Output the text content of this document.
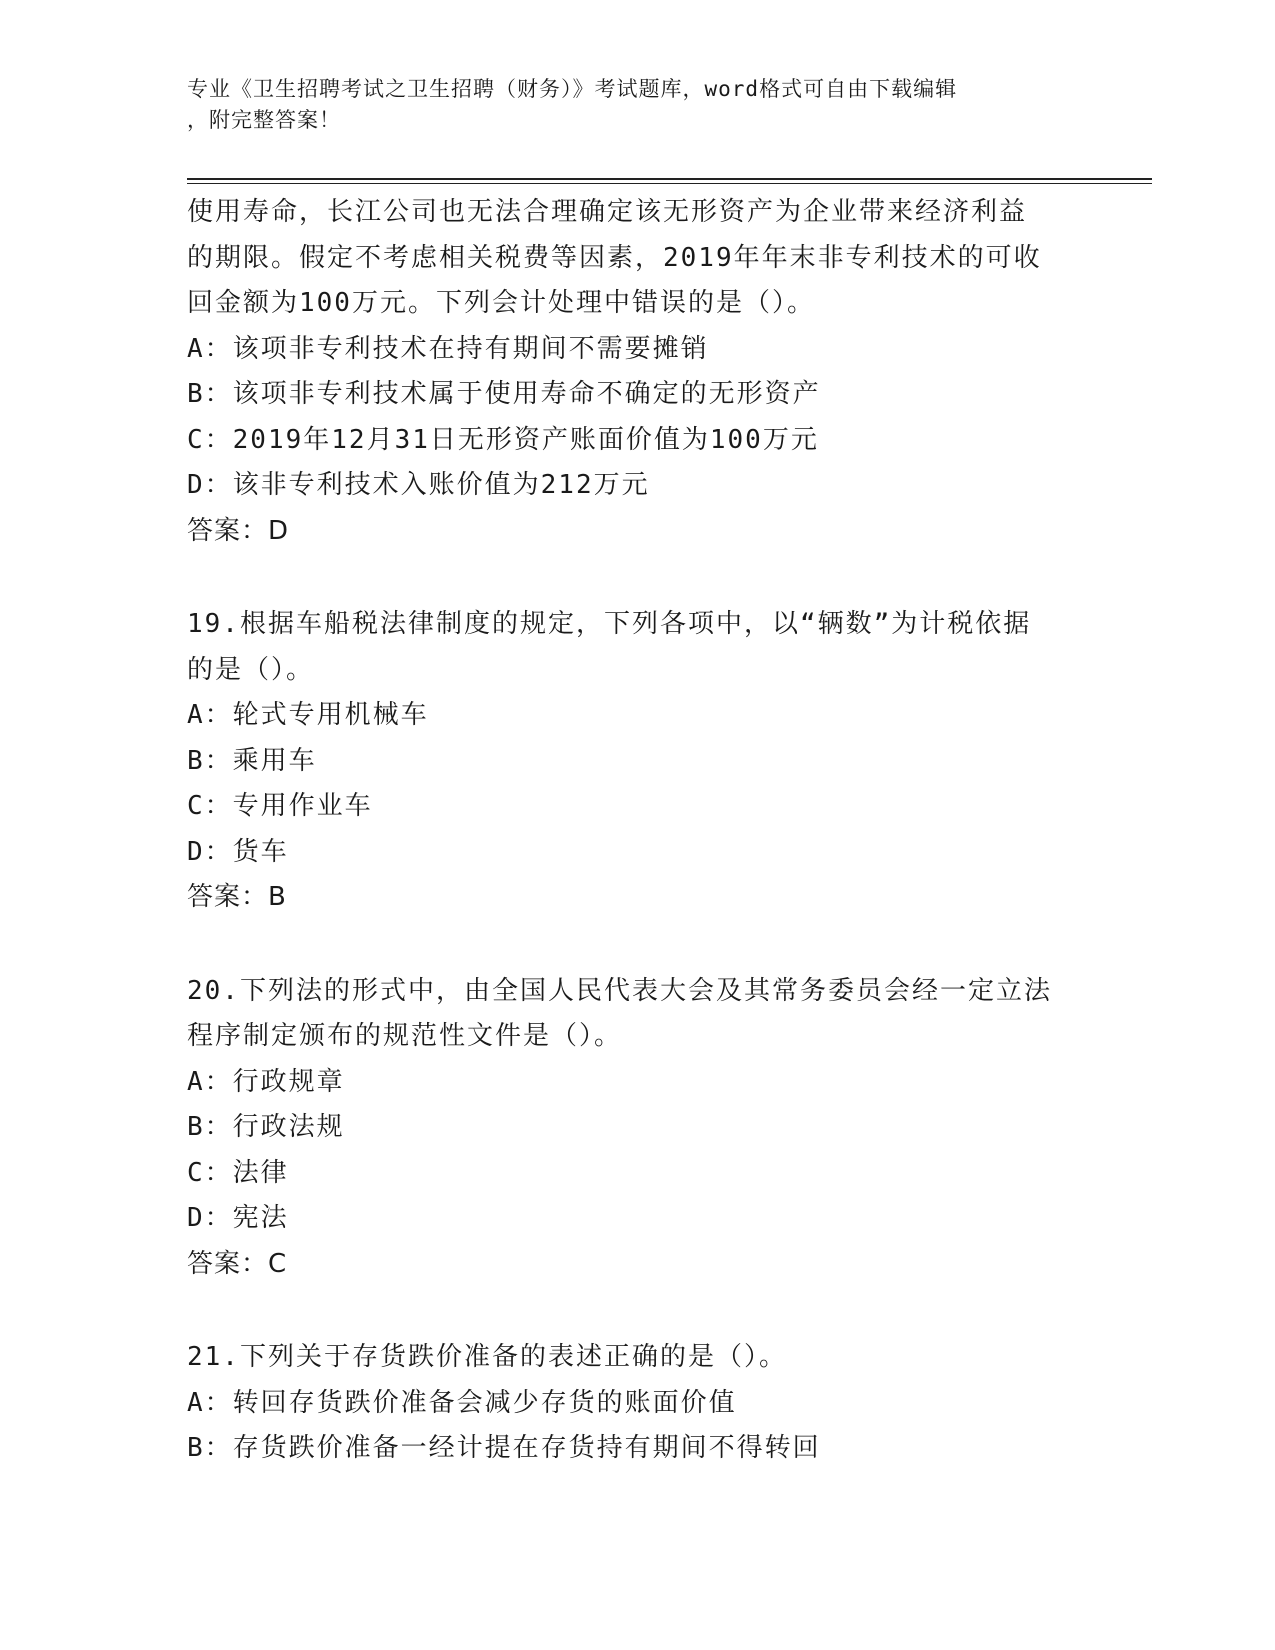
专业《卫生招聘考试之卫生招聘（财务）》考试题库，word格式可自由下载编辑
，附完整答案！
使用寿命，长江公司也无法合理确定该无形资产为企业带来经济利益
的期限。假定不考虑相关税费等因素，2019年年末非专利技术的可收
回金额为100万元。下列会计处理中错误的是（）。
A：该项非专利技术在持有期间不需要摊销
B：该项非专利技术属于使用寿命不确定的无形资产
C：2019年12月31日无形资产账面价值为100万元
D：该非专利技术入账价值为212万元
答案：D
19.根据车船税法律制度的规定，下列各项中，以“辆数”为计税依据
的是（）。
A：轮式专用机械车
B：乘用车
C：专用作业车
D：货车
答案：B
20.下列法的形式中，由全国人民代表大会及其常务委员会经一定立法
程序制定颁布的规范性文件是（）。
A：行政规章
B：行政法规
C：法律
D：宪法
答案：C
21.下列关于存货跌价准备的表述正确的是（）。
A：转回存货跌价准备会减少存货的账面价值
B：存货跌价准备一经计提在存货持有期间不得转回
